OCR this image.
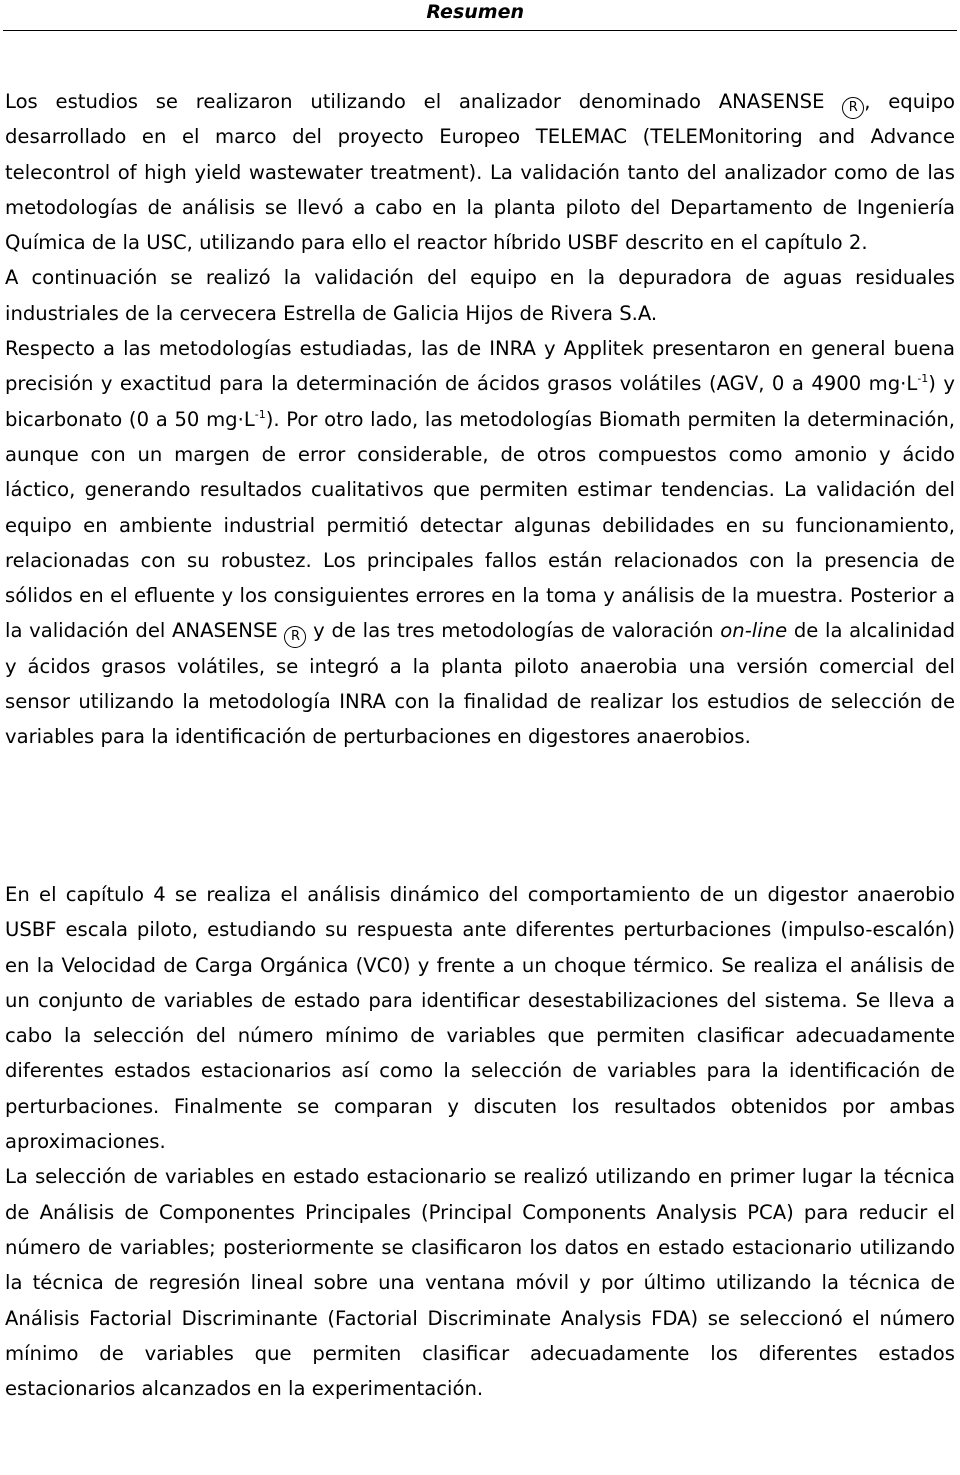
Resumen

Los estudios se realizaron utilizando el analizador denominado ANASENSE R , equipo desarrollado en el marco del proyecto Europeo TELEMAC (TELEMonitoring and Advance telecontrol of high yield wastewater treatment). La validación tanto del analizador como de las metodologías de análisis se llevó a cabo en la planta piloto del Departamento de Ingeniería Química de la USC, utilizando para ello el reactor híbrido USBF descrito en el capítulo 2.

A continuación se realizó la validación del equipo en la depuradora de aguas residuales industriales de la cervecera Estrella de Galicia Hijos de Rivera S.A.

Respecto a las metodologías estudiadas, las de INRA y Applitek presentaron en general buena precisión y exactitud para la determinación de ácidos grasos volátiles (AGV, 0 a 4900 $mg\cdot L^{-1}$) y bicarbonato (0 a 50 $mg\cdot L^{-1}$). Por otro lado, las metodologías Biomath permiten la determinación, aunque con un margen de error considerable, de otros compuestos como amonio y ácido láctico, generando resultados cualitativos que permiten estimar tendencias. La validación del equipo en ambiente industrial permitió detectar algunas debilidades en su funcionamiento, relacionadas con su robustez. Los principales fallos están relacionados con la presencia de sólidos en el efluente y los consiguientes errores en la toma y análisis de la muestra. Posterior a la validación del ANASENSE R y de las tres metodologías de valoración on-line de la alcalinidad y ácidos grasos volátiles, se integró a la planta piloto anaerobia una versión comercial del sensor utilizando la metodología INRA con la finalidad de realizar los estudios de selección de variables para la identificación de perturbaciones en digestores anaerobios.

En el capítulo 4 se realiza el análisis dinámico del comportamiento de un digestor anaerobio USBF escala piloto, estudiando su respuesta ante diferentes perturbaciones (impulso-escalón) en la Velocidad de Carga Orgánica (VC0) y frente a un choque térmico. Se realiza el análisis de un conjunto de variables de estado para identificar desestabilizaciones del sistema. Se lleva a cabo la selección del número mínimo de variables que permiten clasificar adecuadamente diferentes estados estacionarios así como la selección de variables para la identificación de perturbaciones. Finalmente se comparan y discuten los resultados obtenidos por ambas aproximaciones.

La selección de variables en estado estacionario se realizó utilizando en primer lugar la técnica de Análisis de Componentes Principales (Principal Components Analysis PCA) para reducir el número de variables; posteriormente se clasificaron los datos en estado estacionario utilizando la técnica de regresión lineal sobre una ventana móvil y por último utilizando la técnica de Análisis Factorial Discriminante (Factorial Discriminate Analysis FDA) se seleccionó el número mínimo de variables que permiten clasificar adecuadamente los diferentes estados estacionarios alcanzados en la experimentación.
